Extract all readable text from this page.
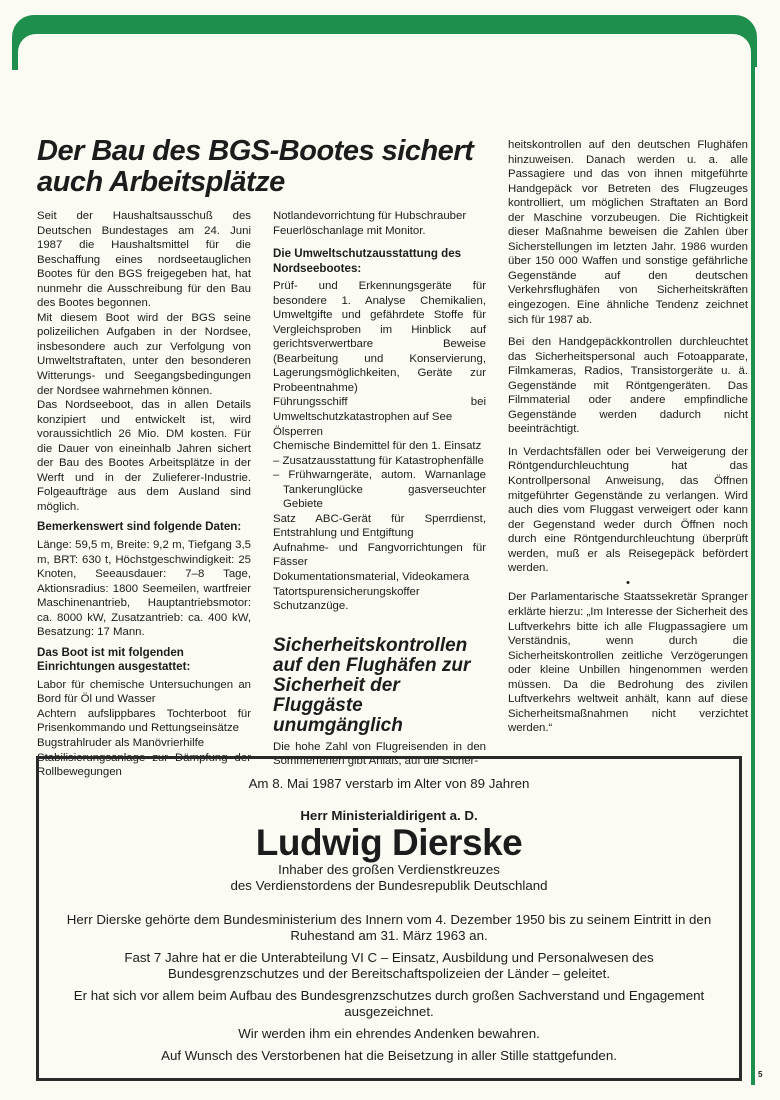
Der Bau des BGS-Bootes sichert auch Arbeitsplätze

Seit der Haushaltsausschuß des Deutschen Bundestages am 24. Juni 1987 die Haushaltsmittel für die Beschaffung eines nordseetauglichen Bootes für den BGS freigegeben hat, hat nunmehr die Ausschreibung für den Bau des Bootes begonnen.

Mit diesem Boot wird der BGS seine polizeilichen Aufgaben in der Nordsee, insbesondere auch zur Verfolgung von Umweltstraftaten, unter den besonderen Witterungs- und Seegangsbedingungen der Nordsee wahrnehmen können.

Das Nordseeboot, das in allen Details konzipiert und entwickelt ist, wird voraussichtlich 26 Mio. DM kosten. Für die Dauer von eineinhalb Jahren sichert der Bau des Bootes Arbeitsplätze in der Werft und in der Zulieferer-Industrie. Folgeaufträge aus dem Ausland sind möglich.

Bemerkenswert sind folgende Daten:

Länge: 59,5 m, Breite: 9,2 m, Tiefgang 3,5 m, BRT: 630 t, Höchstgeschwindigkeit: 25 Knoten, Seeausdauer: 7–8 Tage, Aktionsradius: 1800 Seemeilen, wartfreier Maschinenantrieb, Hauptantriebsmotor: ca. 8000 kW, Zusatzantrieb: ca. 400 kW, Besatzung: 17 Mann.

Das Boot ist mit folgenden Einrichtungen ausgestattet:

Labor für chemische Untersuchungen an Bord für Öl und Wasser

Achtern aufslippbares Tochterboot für Prisenkommando und Rettungseinsätze

Bugstrahlruder als Manövrierhilfe

Stabilisierungsanlage zur Dämpfung der Rollbewegungen

Notlandevorrichtung für Hubschrauber

Feuerlöschanlage mit Monitor.

Die Umweltschutzausstattung des Nordseebootes:

Prüf- und Erkennungsgeräte für besondere 1. Analyse Chemikalien, Umweltgifte und gefährdete Stoffe für Vergleichsproben im Hinblick auf gerichtsverwertbare Beweise (Bearbeitung und Konservierung, Lagerungsmöglichkeiten, Geräte zur Probeentnahme)

Führungsschiff bei Umweltschutzkatastrophen auf See

Ölsperren

Chemische Bindemittel für den 1. Einsatz

– Zusatzausstattung für Katastrophenfälle

– Frühwarngeräte, autom. Warnanlage Tankerunglücke gasverseuchter Gebiete

Satz ABC-Gerät für Sperrdienst, Entstrahlung und Entgiftung

Aufnahme- und Fangvorrichtungen für Fässer

Dokumentationsmaterial, Videokamera

Tatortspurensicherungskoffer

Schutzanzüge.

Sicherheitskontrollen auf den Flughäfen zur Sicherheit der Fluggäste unumgänglich

Die hohe Zahl von Flugreisenden in den Sommerferien gibt Anlaß, auf die Sicher-

heitskontrollen auf den deutschen Flughäfen hinzuweisen. Danach werden u. a. alle Passagiere und das von ihnen mitgeführte Handgepäck vor Betreten des Flugzeuges kontrolliert, um möglichen Straftaten an Bord der Maschine vorzubeugen. Die Richtigkeit dieser Maßnahme beweisen die Zahlen über Sicherstellungen im letzten Jahr. 1986 wurden über 150 000 Waffen und sonstige gefährliche Gegenstände auf den deutschen Verkehrsflughäfen von Sicherheitskräften eingezogen. Eine ähnliche Tendenz zeichnet sich für 1987 ab.

Bei den Handgepäckkontrollen durchleuchtet das Sicherheitspersonal auch Fotoapparate, Filmkameras, Radios, Transistorgeräte u. ä. Gegenstände mit Röntgengeräten. Das Filmmaterial oder andere empfindliche Gegenstände werden dadurch nicht beeinträchtigt.

In Verdachtsfällen oder bei Verweigerung der Röntgendurchleuchtung hat das Kontrollpersonal Anweisung, das Öffnen mitgeführter Gegenstände zu verlangen. Wird auch dies vom Fluggast verweigert oder kann der Gegenstand weder durch Öffnen noch durch eine Röntgendurchleuchtung überprüft werden, muß er als Reisegepäck befördert werden.

•

Der Parlamentarische Staatssekretär Spranger erklärte hierzu: „Im Interesse der Sicherheit des Luftverkehrs bitte ich alle Flugpassagiere um Verständnis, wenn durch die Sicherheitskontrollen zeitliche Verzögerungen oder kleine Unbillen hingenommen werden müssen. Da die Bedrohung des zivilen Luftverkehrs weltweit anhält, kann auf diese Sicherheitsmaßnahmen nicht verzichtet werden.“

Am 8. Mai 1987 verstarb im Alter von 89 Jahren

Herr Ministerialdirigent a. D.

Ludwig Dierske

Inhaber des großen Verdienstkreuzes

des Verdienstordens der Bundesrepublik Deutschland

Herr Dierske gehörte dem Bundesministerium des Innern vom 4. Dezember 1950 bis zu seinem Eintritt in den Ruhestand am 31. März 1963 an.

Fast 7 Jahre hat er die Unterabteilung VI C – Einsatz, Ausbildung und Personalwesen des Bundesgrenzschutzes und der Bereitschaftspolizeien der Länder – geleitet.

Er hat sich vor allem beim Aufbau des Bundesgrenzschutzes durch großen Sachverstand und Engagement ausgezeichnet.

Wir werden ihm ein ehrendes Andenken bewahren.

Auf Wunsch des Verstorbenen hat die Beisetzung in aller Stille stattgefunden.

5
